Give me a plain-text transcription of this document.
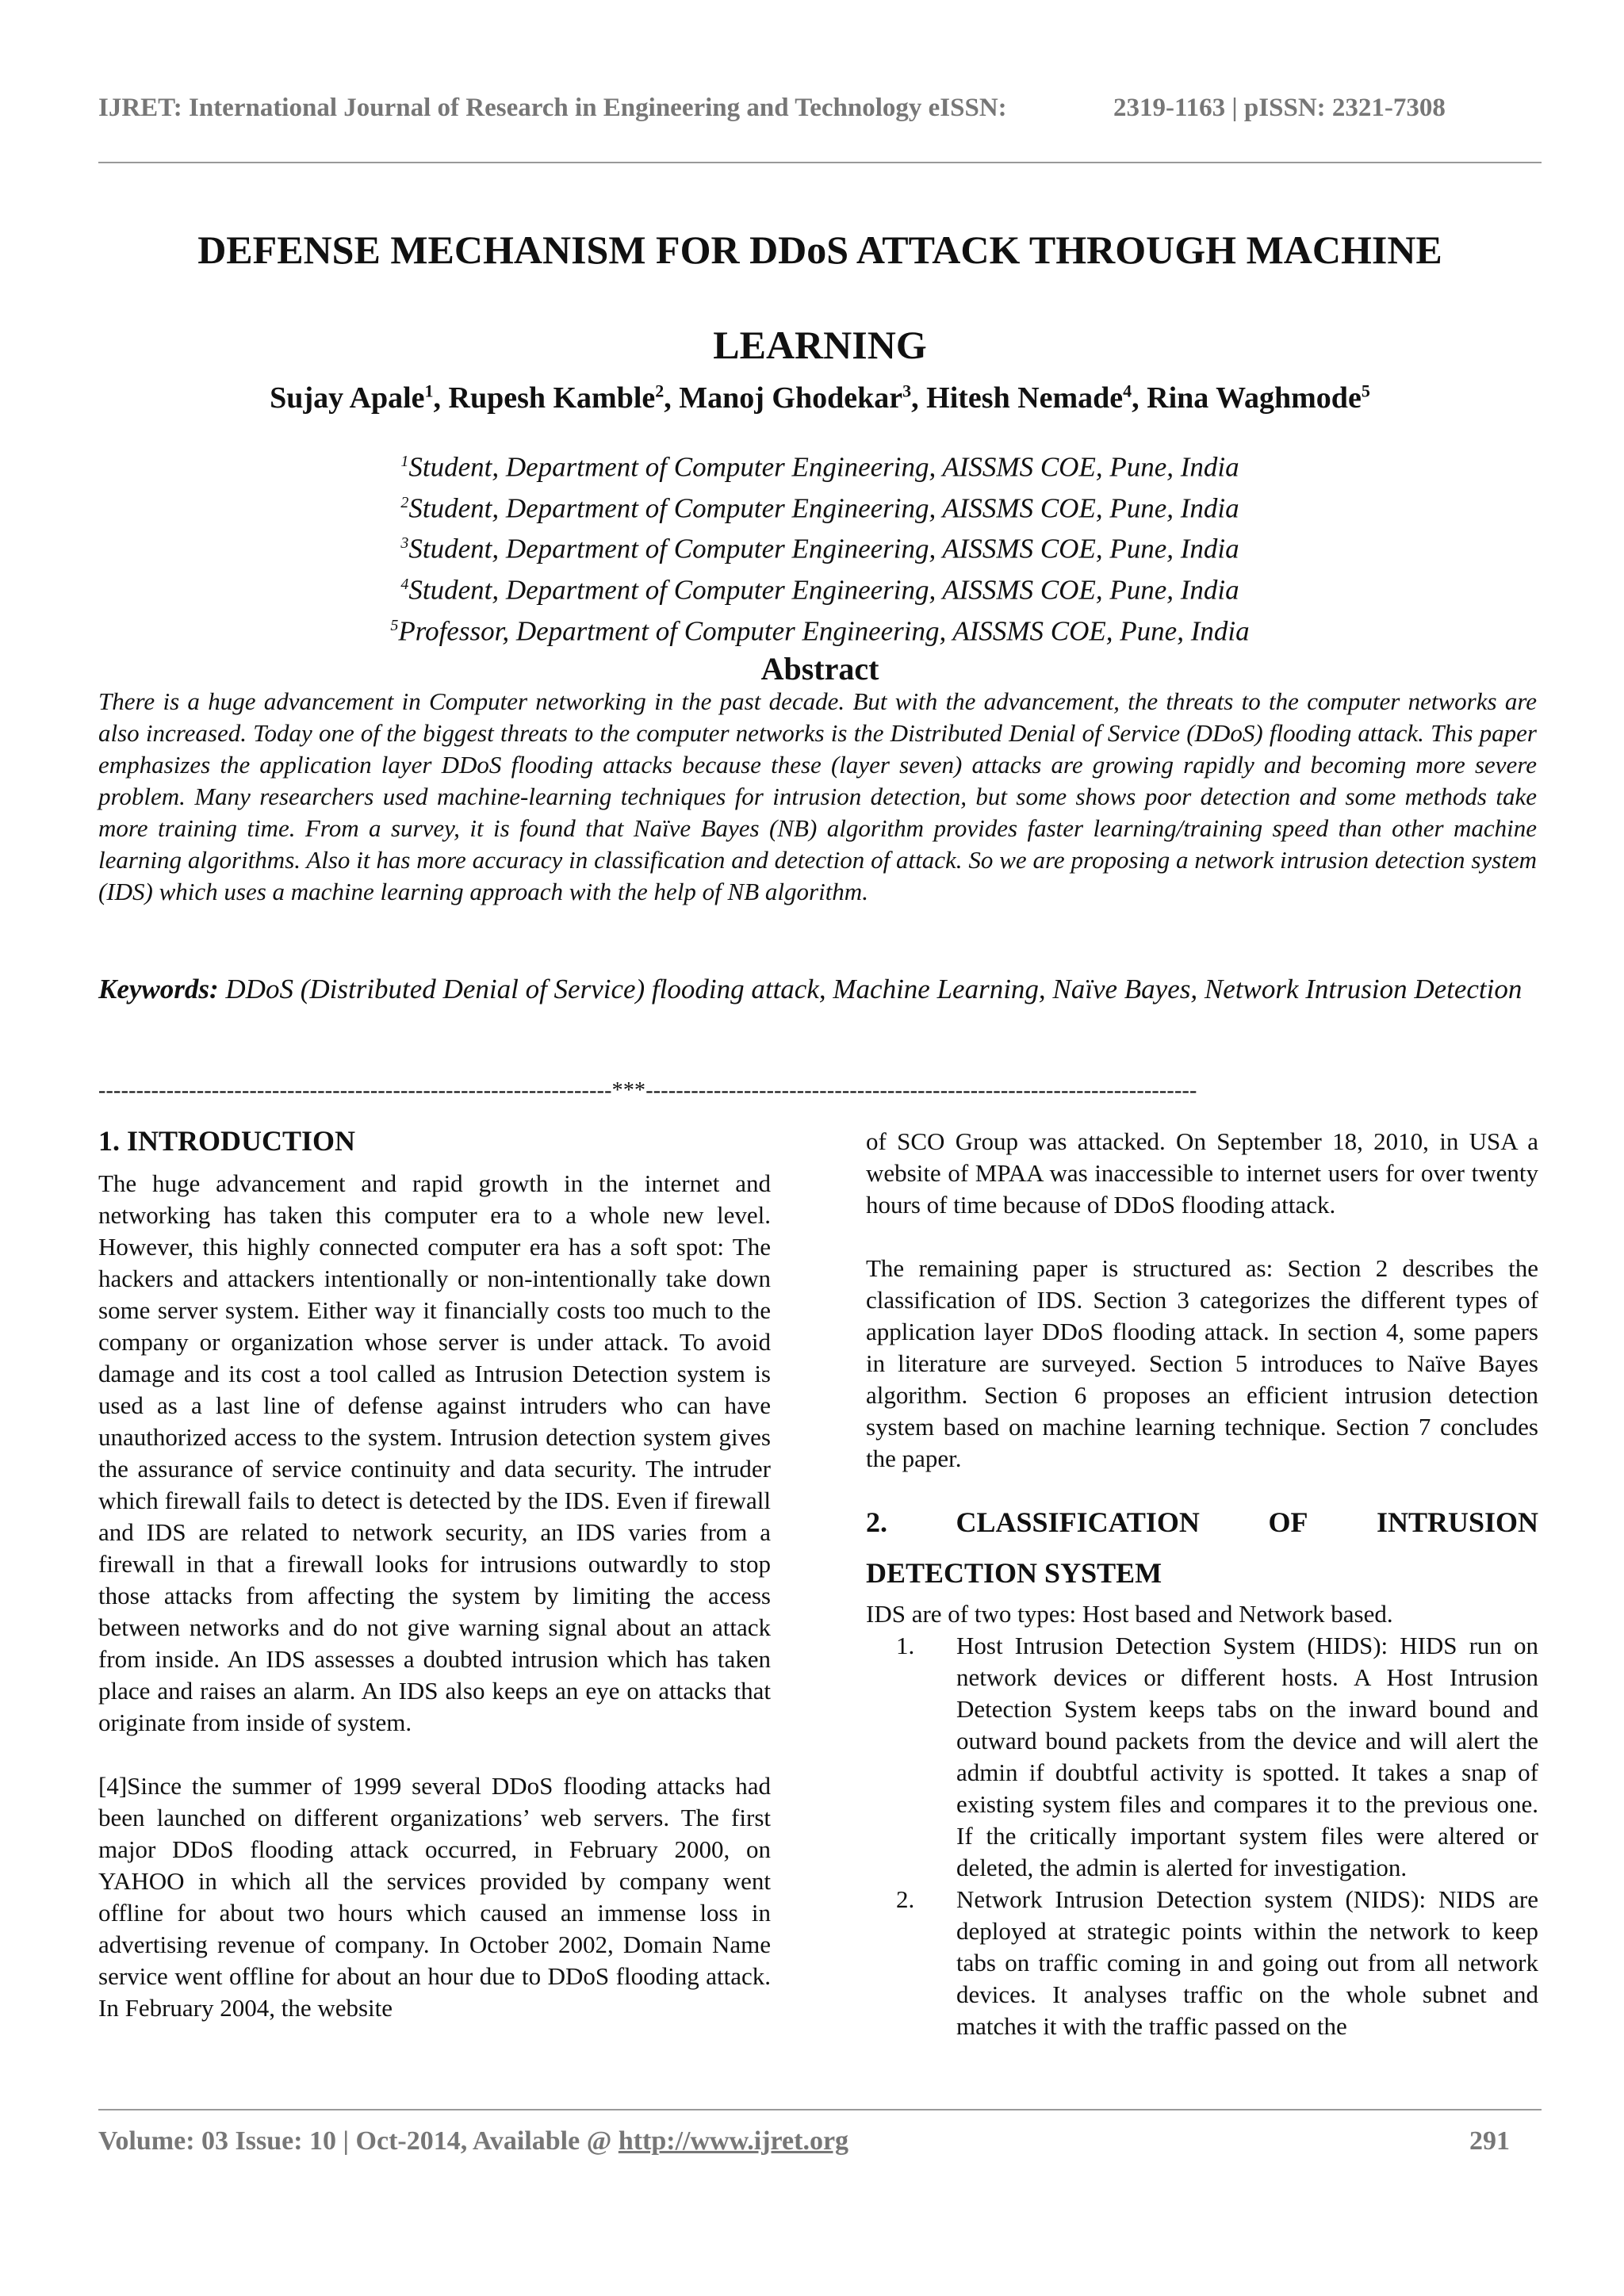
IJRET: International Journal of Research in Engineering and Technology eISSN:	2319-1163 | pISSN: 2321-7308
DEFENSE MECHANISM FOR DDoS ATTACK THROUGH MACHINE
LEARNING
Sujay Apale$^1$, Rupesh Kamble$^2$, Manoj Ghodekar$^3$, Hitesh Nemade$^4$, Rina Waghmode$^5$
$^1$Student, Department of Computer Engineering, AISSMS COE, Pune, India
$^2$Student, Department of Computer Engineering, AISSMS COE, Pune, India
$^3$Student, Department of Computer Engineering, AISSMS COE, Pune, India
$^4$Student, Department of Computer Engineering, AISSMS COE, Pune, India
$^5$Professor, Department of Computer Engineering, AISSMS COE, Pune, India
Abstract
There is a huge advancement in Computer networking in the past decade. But with the advancement, the threats to the computer networks are also increased. Today one of the biggest threats to the computer networks is the Distributed Denial of Service (DDoS) flooding attack. This paper emphasizes the application layer DDoS flooding attacks because these (layer seven) attacks are growing rapidly and becoming more severe problem. Many researchers used machine-learning techniques for intrusion detection, but some shows poor detection and some methods take more training time. From a survey, it is found that Naïve Bayes (NB) algorithm provides faster learning/training speed than other machine learning algorithms. Also it has more accuracy in classification and detection of attack. So we are proposing a network intrusion detection system (IDS) which uses a machine learning approach with the help of NB algorithm.
Keywords: DDoS (Distributed Denial of Service) flooding attack, Machine Learning, Naïve Bayes, Network Intrusion Detection
--------------------------------------------------------------------***-------------------------------------------------------------------------
1. INTRODUCTION

The huge advancement and rapid growth in the internet and networking has taken this computer era to a whole new level. However, this highly connected computer era has a soft spot: The hackers and attackers intentionally or non-intentionally take down some server system. Either way it financially costs too much to the company or organization whose server is under attack. To avoid damage and its cost a tool called as Intrusion Detection system is used as a last line of defense against intruders who can have unauthorized access to the system. Intrusion detection system gives the assurance of service continuity and data security. The intruder which firewall fails to detect is detected by the IDS. Even if firewall and IDS are related to network security, an IDS varies from a firewall in that a firewall looks for intrusions outwardly to stop those attacks from affecting the system by limiting the access between networks and do not give warning signal about an attack from inside. An IDS assesses a doubted intrusion which has taken place and raises an alarm. An IDS also keeps an eye on attacks that originate from inside of system.

[4]Since the summer of 1999 several DDoS flooding attacks had been launched on different organizations’ web servers. The first major DDoS flooding attack occurred, in February 2000, on YAHOO in which all the services provided by company went offline for about two hours which caused an immense loss in advertising revenue of company. In October 2002, Domain Name service went offline for about an hour due to DDoS flooding attack. In February 2004, the website

of SCO Group was attacked. On September 18, 2010, in USA a website of MPAA was inaccessible to internet users for over twenty hours of time because of DDoS flooding attack.

The remaining paper is structured as: Section 2 describes the classification of IDS. Section 3 categorizes the different types of application layer DDoS flooding attack. In section 4, some papers in literature are surveyed. Section 5 introduces to Naïve Bayes algorithm. Section 6 proposes an efficient intrusion detection system based on machine learning technique. Section 7 concludes the paper.

2. CLASSIFICATION OF INTRUSION
DETECTION SYSTEM

IDS are of two types: Host based and Network based.

1. Host Intrusion Detection System (HIDS): HIDS run on network devices or different hosts. A Host Intrusion Detection System keeps tabs on the inward bound and outward bound packets from the device and will alert the admin if doubtful activity is spotted. It takes a snap of existing system files and compares it to the previous one. If the critically important system files were altered or deleted, the admin is alerted for investigation.
2. Network Intrusion Detection system (NIDS): NIDS are deployed at strategic points within the network to keep tabs on traffic coming in and going out from all network devices. It analyses traffic on the whole subnet and matches it with the traffic passed on the
Volume: 03 Issue: 10 | Oct-2014, Available @ http://www.ijret.org	291
